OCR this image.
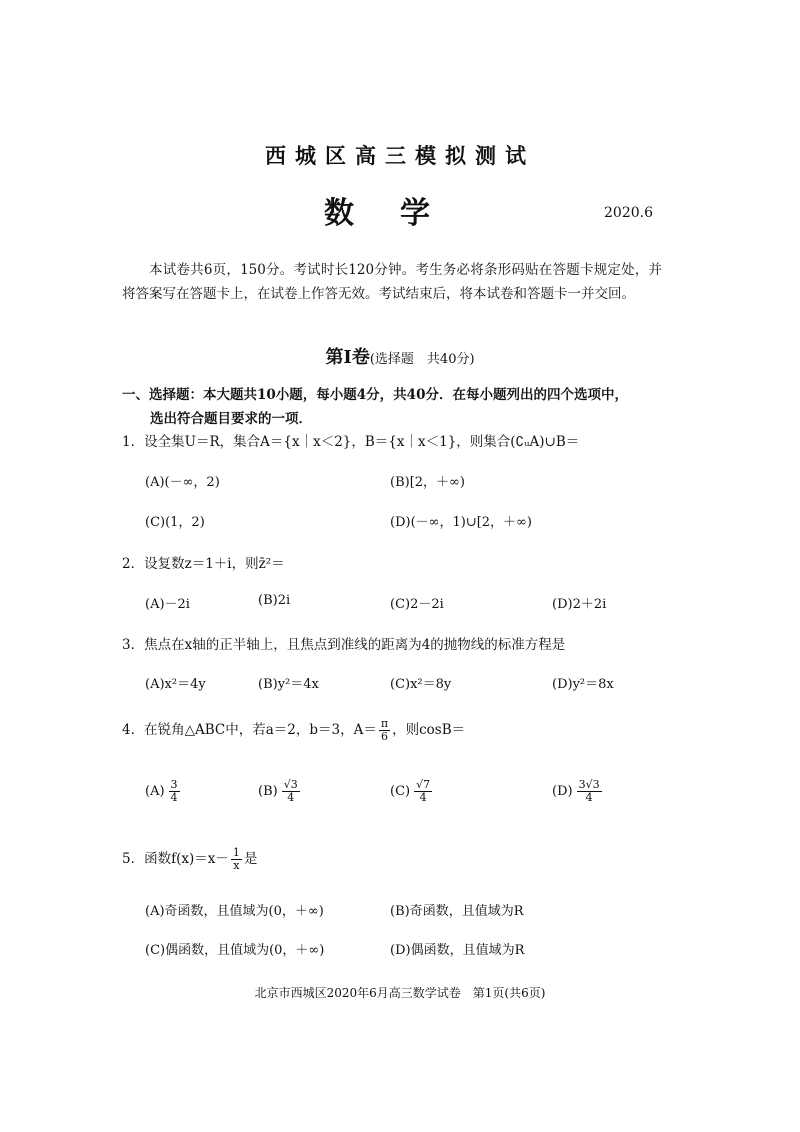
西城区高三模拟测试
数学	2020.6
本试卷共6页，150分。考试时长120分钟。考生务必将条形码贴在答题卡规定处，并将答案写在答题卡上，在试卷上作答无效。考试结束后，将本试卷和答题卡一并交回。
第Ⅰ卷(选择题　共40分)
一、选择题：本大题共10小题，每小题4分，共40分．在每小题列出的四个选项中，
选出符合题目要求的一项．
1．设全集U＝R，集合A＝{x｜x＜2}，B＝{x｜x＜1}，则集合(∁ᵤA)∪B＝
(A)(－∞，2)	(B)[2，＋∞)
(C)(1，2)	(D)(－∞，1)∪[2，＋∞)
2．设复数z＝1＋i，则z̄²＝
(A)－2i	(B)2i	(C)2－2i	(D)2＋2i
3．焦点在x轴的正半轴上，且焦点到准线的距离为4的抛物线的标准方程是
(A)x²＝4y	(B)y²＝4x	(C)x²＝8y	(D)y²＝8x
4．在锐角△ABC中，若a＝2，b＝3，$A= \frac{\pi}{6}$ ，则cosB＝
$(A) \frac{3}{4}$	$(B) \frac{√3}{4}$	$(C) \frac{√7}{4}$	$(D) \frac{3√3}{4}$
5．函数$f(x)=x- \frac{1}{x}$ 是
(A)奇函数，且值域为(0，＋∞)	(B)奇函数，且值域为R
(C)偶函数，且值域为(0，＋∞)	(D)偶函数，且值域为R
北京市西城区2020年6月高三数学试卷　第1页(共6页)
